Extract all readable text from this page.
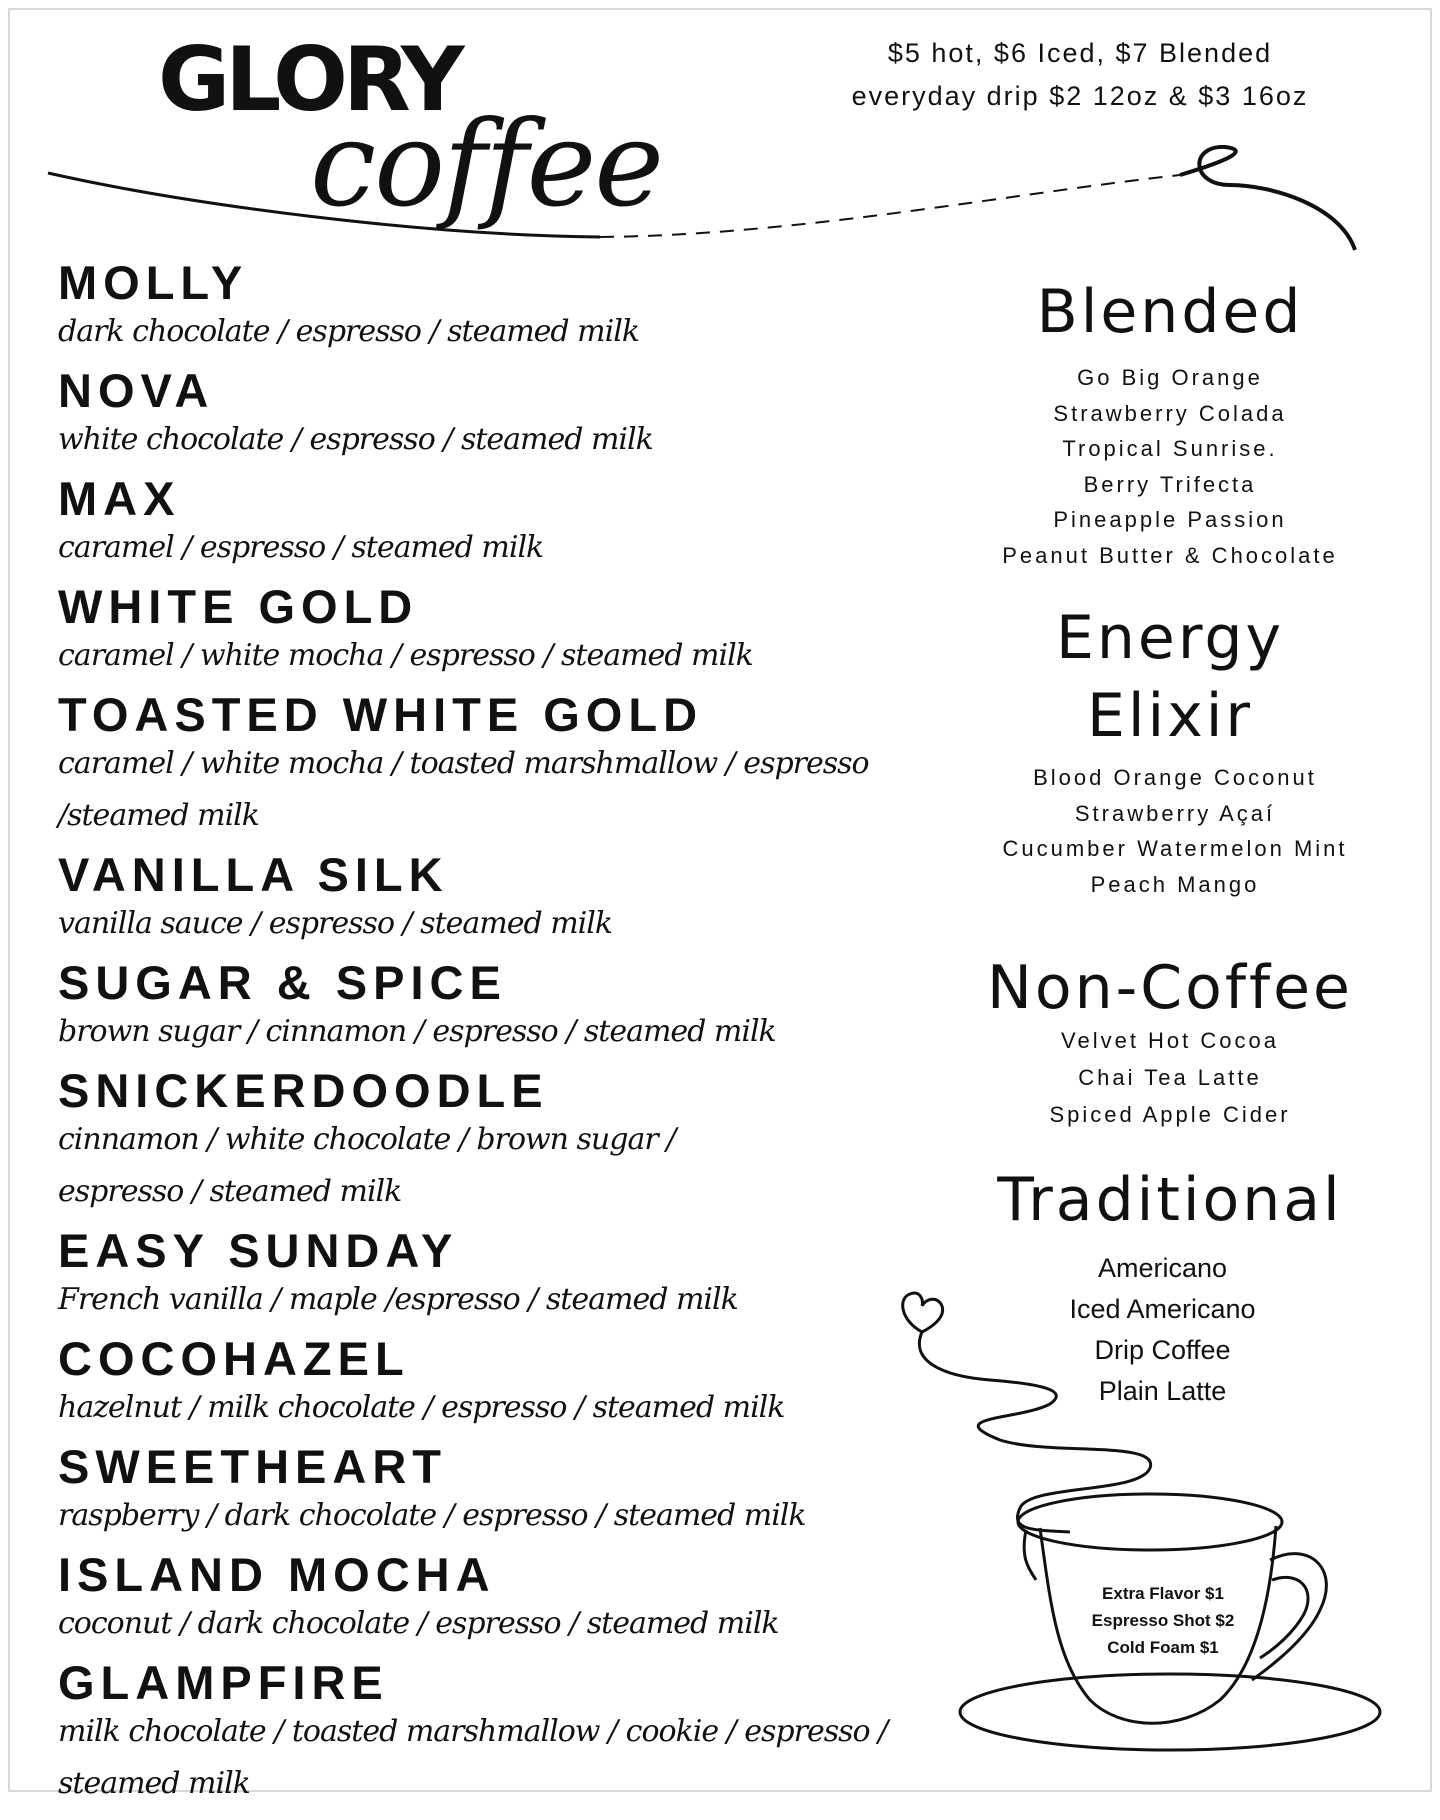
GLORY
coffee
$5 hot, $6 Iced, $7 Blended
everyday drip $2 12oz & $3 16oz
MOLLY
dark chocolate / espresso / steamed milk
NOVA
white chocolate / espresso / steamed milk
MAX
caramel / espresso / steamed milk
WHITE GOLD
caramel / white mocha / espresso / steamed milk
TOASTED WHITE GOLD
caramel / white mocha / toasted marshmallow / espresso /steamed milk
VANILLA SILK
vanilla sauce / espresso / steamed milk
SUGAR & SPICE
brown sugar / cinnamon / espresso / steamed milk
SNICKERDOODLE
cinnamon / white chocolate / brown sugar / espresso / steamed milk
EASY SUNDAY
French vanilla / maple /espresso / steamed milk
COCOHAZEL
hazelnut / milk chocolate / espresso / steamed milk
SWEETHEART
raspberry / dark chocolate / espresso / steamed milk
ISLAND MOCHA
coconut / dark chocolate / espresso / steamed milk
GLAMPFIRE
milk chocolate / toasted marshmallow / cookie / espresso / steamed milk
Blended
Go Big Orange
Strawberry Colada
Tropical Sunrise.
Berry Trifecta
Pineapple Passion
Peanut Butter & Chocolate
Energy
Elixir
Blood Orange Coconut
Strawberry Açaí
Cucumber Watermelon Mint
Peach Mango
Non-Coffee
Velvet Hot Cocoa
Chai Tea Latte
Spiced Apple Cider
Traditional
Americano
Iced Americano
Drip Coffee
Plain Latte
Extra Flavor $1
Espresso Shot $2
Cold Foam $1
